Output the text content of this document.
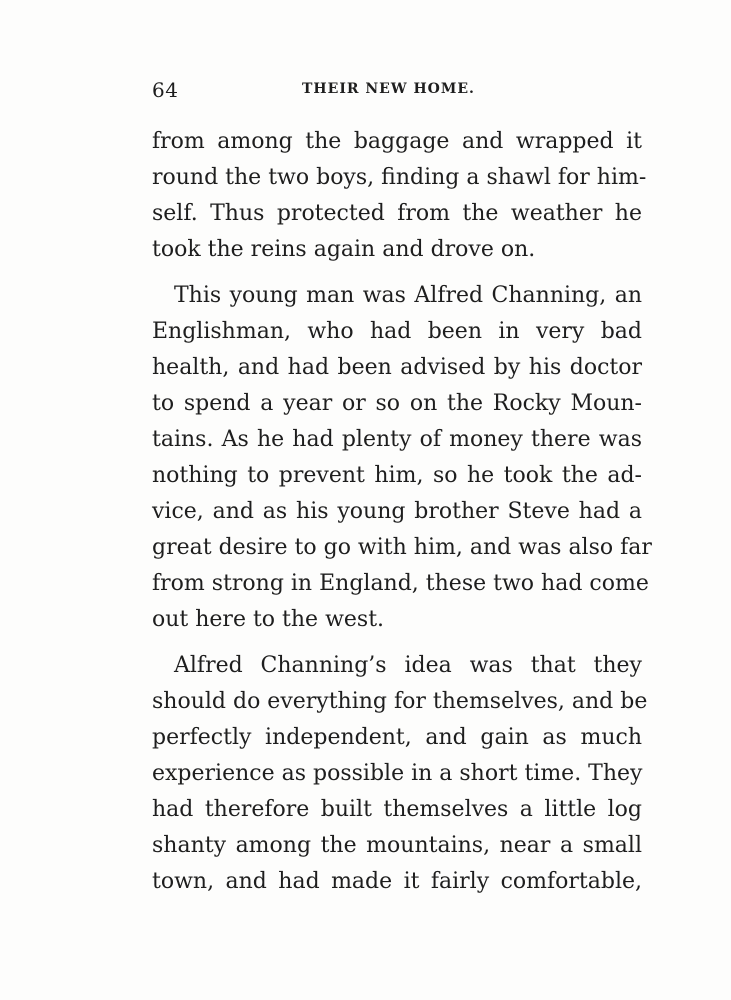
64	THEIR NEW HOME.
from among the baggage and wrapped it
round the two boys, finding a shawl for him-
self. Thus protected from the weather he
took the reins again and drove on.
This young man was Alfred Channing, an
Englishman, who had been in very bad
health, and had been advised by his doctor
to spend a year or so on the Rocky Moun-
tains. As he had plenty of money there was
nothing to prevent him, so he took the ad-
vice, and as his young brother Steve had a
great desire to go with him, and was also far
from strong in England, these two had come
out here to the west.
Alfred Channing’s idea was that they
should do everything for themselves, and be
perfectly independent, and gain as much
experience as possible in a short time. They
had therefore built themselves a little log
shanty among the mountains, near a small
town, and had made it fairly comfortable,
